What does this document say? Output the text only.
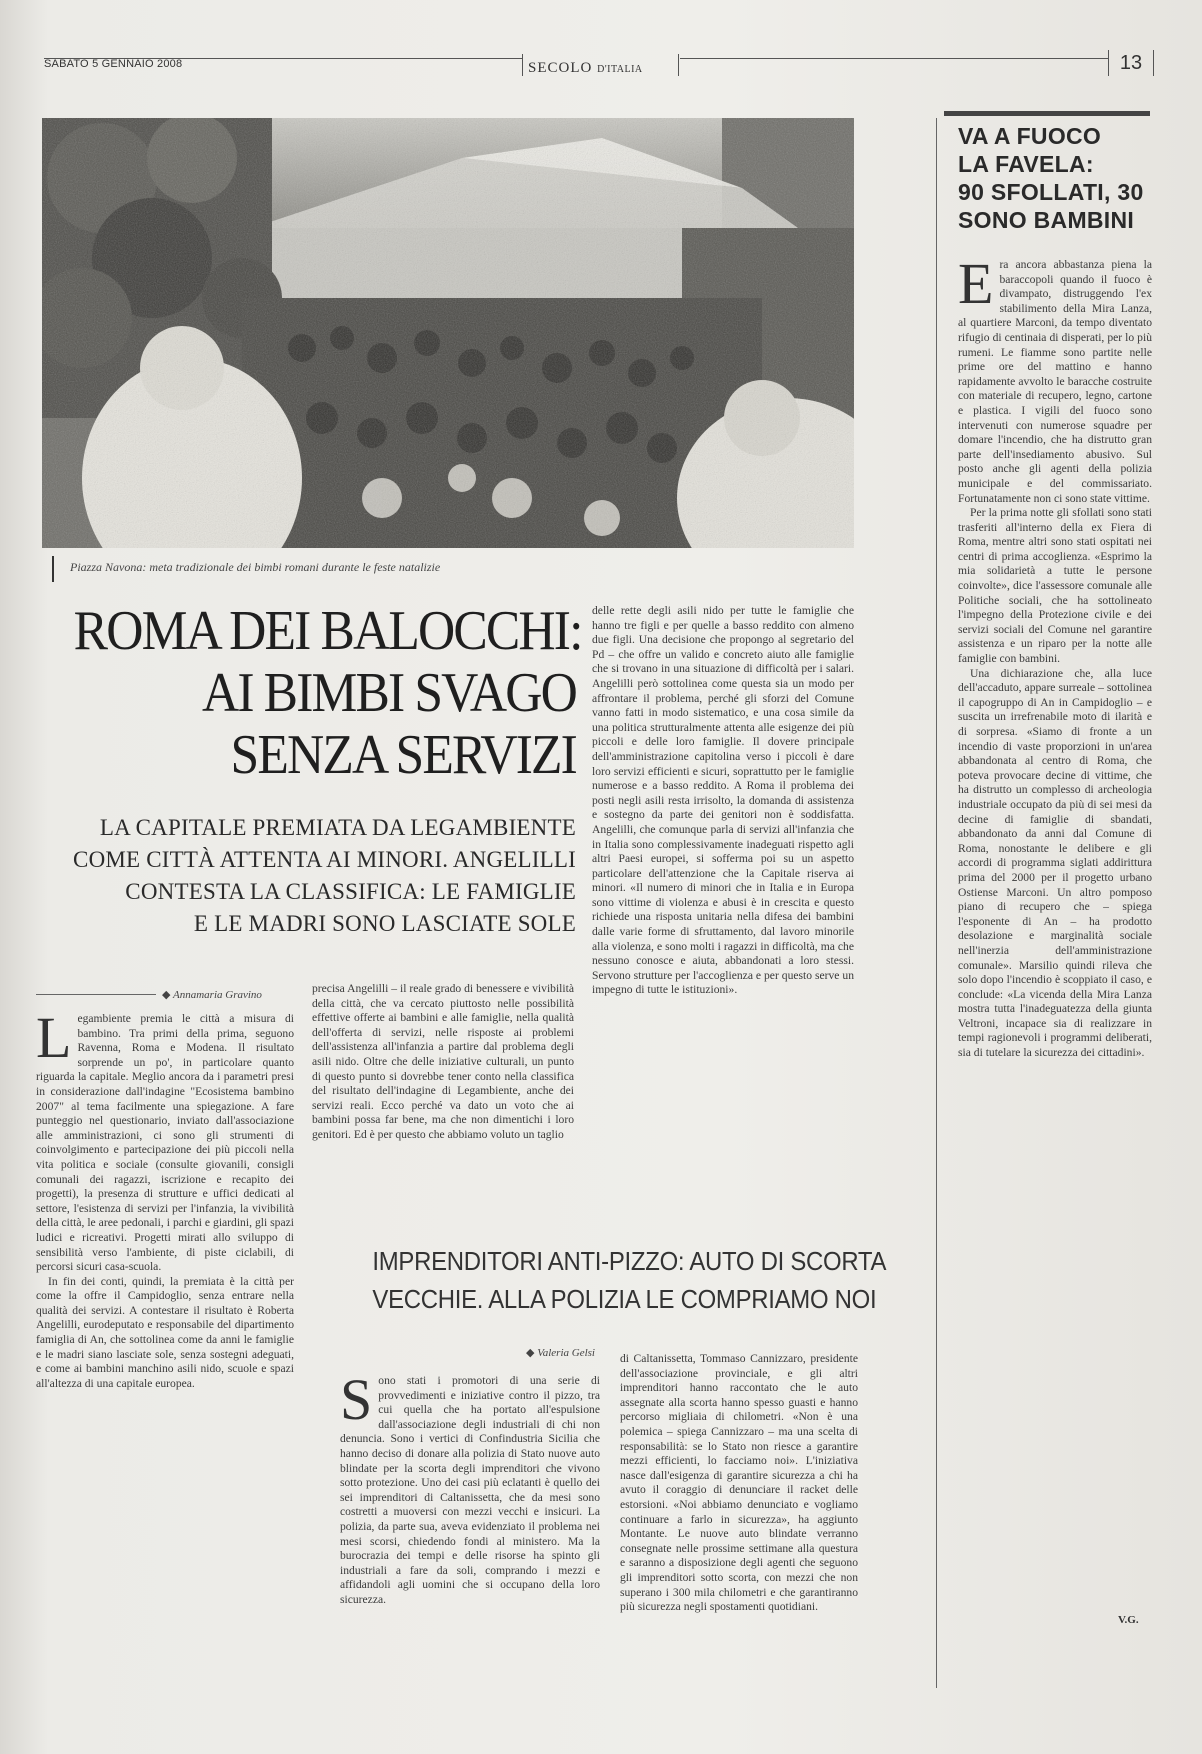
SABATO 5 GENNAIO 2008	SECOLO D'ITALIA	13
Piazza Navona: meta tradizionale dei bimbi romani durante le feste natalizie
ROMA DEI BALOCCHI:
AI BIMBI SVAGO
SENZA SERVIZI
LA CAPITALE PREMIATA DA LEGAMBIENTE
COME CITTÀ ATTENTA AI MINORI. ANGELILLI
CONTESTA LA CLASSIFICA: LE FAMIGLIE
E LE MADRI SONO LASCIATE SOLE
◆ Annamaria Gravino

Legambiente premia le città a misura di bambino. Tra primi della prima, seguono Ravenna, Roma e Modena. Il risultato sorprende un po', in particolare quanto riguarda la capitale. Meglio ancora da i parametri presi in considerazione dall'indagine "Ecosistema bambino 2007" al tema facilmente una spiegazione. A fare punteggio nel questionario, inviato dall'associazione alle amministrazioni, ci sono gli strumenti di coinvolgimento e partecipazione dei più piccoli nella vita politica e sociale (consulte giovanili, consigli comunali dei ragazzi, iscrizione e recapito dei progetti), la presenza di strutture e uffici dedicati al settore, l'esistenza di servizi per l'infanzia, la vivibilità della città, le aree pedonali, i parchi e giardini, gli spazi ludici e ricreativi. Progetti mirati allo sviluppo di sensibilità verso l'ambiente, di piste ciclabili, di percorsi sicuri casa-scuola.

In fin dei conti, quindi, la premiata è la città per come la offre il Campidoglio, senza entrare nella qualità dei servizi. A contestare il risultato è Roberta Angelilli, eurodeputato e responsabile del dipartimento famiglia di An, che sottolinea come da anni le famiglie e le madri siano lasciate sole, senza sostegni adeguati, e come ai bambini manchino asili nido, scuole e spazi all'altezza di una capitale europea.

precisa Angelilli – il reale grado di benessere e vivibilità della città, che va cercato piuttosto nelle possibilità effettive offerte ai bambini e alle famiglie, nella qualità dell'offerta di servizi, nelle risposte ai problemi dell'assistenza all'infanzia a partire dal problema degli asili nido. Oltre che delle iniziative culturali, un punto di questo punto si dovrebbe tener conto nella classifica del risultato dell'indagine di Legambiente, anche dei servizi reali. Ecco perché va dato un voto che ai bambini possa far bene, ma che non dimentichi i loro genitori. Ed è per questo che abbiamo voluto un taglio

delle rette degli asili nido per tutte le famiglie che hanno tre figli e per quelle a basso reddito con almeno due figli. Una decisione che propongo al segretario del Pd – che offre un valido e concreto aiuto alle famiglie che si trovano in una situazione di difficoltà per i salari. Angelilli però sottolinea come questa sia un modo per affrontare il problema, perché gli sforzi del Comune vanno fatti in modo sistematico, e una cosa simile da una politica strutturalmente attenta alle esigenze dei più piccoli e delle loro famiglie. Il dovere principale dell'amministrazione capitolina verso i piccoli è dare loro servizi efficienti e sicuri, soprattutto per le famiglie numerose e a basso reddito. A Roma il problema dei posti negli asili resta irrisolto, la domanda di assistenza e sostegno da parte dei genitori non è soddisfatta. Angelilli, che comunque parla di servizi all'infanzia che in Italia sono complessivamente inadeguati rispetto agli altri Paesi europei, si sofferma poi su un aspetto particolare dell'attenzione che la Capitale riserva ai minori. «Il numero di minori che in Italia e in Europa sono vittime di violenza e abusi è in crescita e questo richiede una risposta unitaria nella difesa dei bambini dalle varie forme di sfruttamento, dal lavoro minorile alla violenza, e sono molti i ragazzi in difficoltà, ma che nessuno conosce e aiuta, abbandonati a loro stessi. Servono strutture per l'accoglienza e per questo serve un impegno di tutte le istituzioni».

IMPRENDITORI ANTI-PIZZO: AUTO DI SCORTA
VECCHIE. ALLA POLIZIA LE COMPRIAMO NOI
◆ Valeria Gelsi

Sono stati i promotori di una serie di provvedimenti e iniziative contro il pizzo, tra cui quella che ha portato all'espulsione dall'associazione degli industriali di chi non denuncia. Sono i vertici di Confindustria Sicilia che hanno deciso di donare alla polizia di Stato nuove auto blindate per la scorta degli imprenditori che vivono sotto protezione. Uno dei casi più eclatanti è quello dei sei imprenditori di Caltanissetta, che da mesi sono costretti a muoversi con mezzi vecchi e insicuri. La polizia, da parte sua, aveva evidenziato il problema nei mesi scorsi, chiedendo fondi al ministero. Ma la burocrazia dei tempi e delle risorse ha spinto gli industriali a fare da soli, comprando i mezzi e affidandoli agli uomini che si occupano della loro sicurezza.

di Caltanissetta, Tommaso Cannizzaro, presidente dell'associazione provinciale, e gli altri imprenditori hanno raccontato che le auto assegnate alla scorta hanno spesso guasti e hanno percorso migliaia di chilometri. «Non è una polemica – spiega Cannizzaro – ma una scelta di responsabilità: se lo Stato non riesce a garantire mezzi efficienti, lo facciamo noi». L'iniziativa nasce dall'esigenza di garantire sicurezza a chi ha avuto il coraggio di denunciare il racket delle estorsioni. «Noi abbiamo denunciato e vogliamo continuare a farlo in sicurezza», ha aggiunto Montante. Le nuove auto blindate verranno consegnate nelle prossime settimane alla questura e saranno a disposizione degli agenti che seguono gli imprenditori sotto scorta, con mezzi che non superano i 300 mila chilometri e che garantiranno più sicurezza negli spostamenti quotidiani.

VA A FUOCO
LA FAVELA:
90 SFOLLATI, 30
SONO BAMBINI

Era ancora abbastanza piena la baraccopoli quando il fuoco è divampato, distruggendo l'ex stabilimento della Mira Lanza, al quartiere Marconi, da tempo diventato rifugio di centinaia di disperati, per lo più rumeni. Le fiamme sono partite nelle prime ore del mattino e hanno rapidamente avvolto le baracche costruite con materiale di recupero, legno, cartone e plastica. I vigili del fuoco sono intervenuti con numerose squadre per domare l'incendio, che ha distrutto gran parte dell'insediamento abusivo. Sul posto anche gli agenti della polizia municipale e del commissariato. Fortunatamente non ci sono state vittime.

Per la prima notte gli sfollati sono stati trasferiti all'interno della ex Fiera di Roma, mentre altri sono stati ospitati nei centri di prima accoglienza. «Esprimo la mia solidarietà a tutte le persone coinvolte», dice l'assessore comunale alle Politiche sociali, che ha sottolineato l'impegno della Protezione civile e dei servizi sociali del Comune nel garantire assistenza e un riparo per la notte alle famiglie con bambini.

Una dichiarazione che, alla luce dell'accaduto, appare surreale – sottolinea il capogruppo di An in Campidoglio – e suscita un irrefrenabile moto di ilarità e di sorpresa. «Siamo di fronte a un incendio di vaste proporzioni in un'area abbandonata al centro di Roma, che poteva provocare decine di vittime, che ha distrutto un complesso di archeologia industriale occupato da più di sei mesi da decine di famiglie di sbandati, abbandonato da anni dal Comune di Roma, nonostante le delibere e gli accordi di programma siglati addirittura prima del 2000 per il progetto urbano Ostiense Marconi. Un altro pomposo piano di recupero che – spiega l'esponente di An – ha prodotto desolazione e marginalità sociale nell'inerzia dell'amministrazione comunale». Marsilio quindi rileva che solo dopo l'incendio è scoppiato il caso, e conclude: «La vicenda della Mira Lanza mostra tutta l'inadeguatezza della giunta Veltroni, incapace sia di realizzare in tempi ragionevoli i programmi deliberati, sia di tutelare la sicurezza dei cittadini».

V.G.
